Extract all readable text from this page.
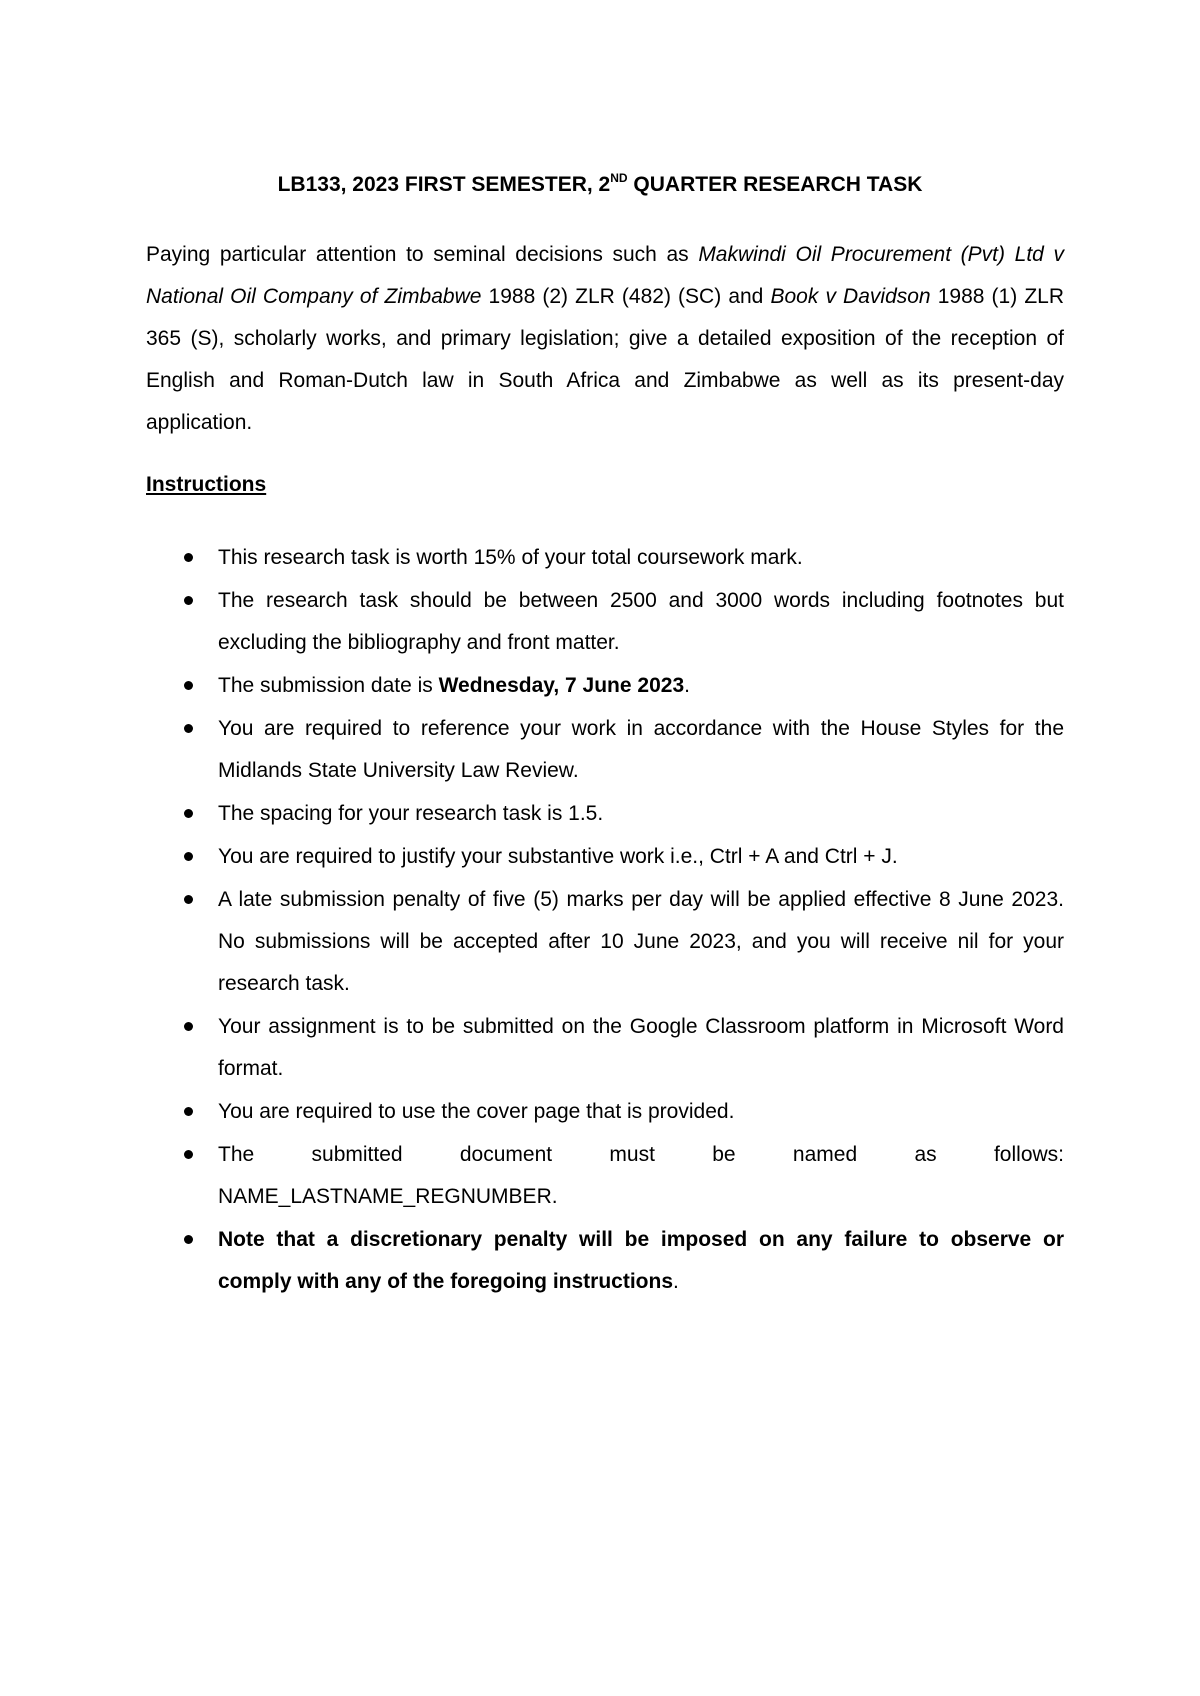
LB133, 2023 FIRST SEMESTER, 2ND QUARTER RESEARCH TASK

Paying particular attention to seminal decisions such as Makwindi Oil Procurement (Pvt) Ltd v National Oil Company of Zimbabwe 1988 (2) ZLR (482) (SC) and Book v Davidson 1988 (1) ZLR 365 (S), scholarly works, and primary legislation; give a detailed exposition of the reception of English and Roman-Dutch law in South Africa and Zimbabwe as well as its present-day application.

Instructions

This research task is worth 15% of your total coursework mark.
The research task should be between 2500 and 3000 words including footnotes but excluding the bibliography and front matter.
The submission date is Wednesday, 7 June 2023.
You are required to reference your work in accordance with the House Styles for the Midlands State University Law Review.
The spacing for your research task is 1.5.
You are required to justify your substantive work i.e., Ctrl + A and Ctrl + J.
A late submission penalty of five (5) marks per day will be applied effective 8 June 2023. No submissions will be accepted after 10 June 2023, and you will receive nil for your research task.
Your assignment is to be submitted on the Google Classroom platform in Microsoft Word format.
You are required to use the cover page that is provided.
The submitted document must be named as follows:
NAME_LASTNAME_REGNUMBER.
Note that a discretionary penalty will be imposed on any failure to observe or comply with any of the foregoing instructions.
